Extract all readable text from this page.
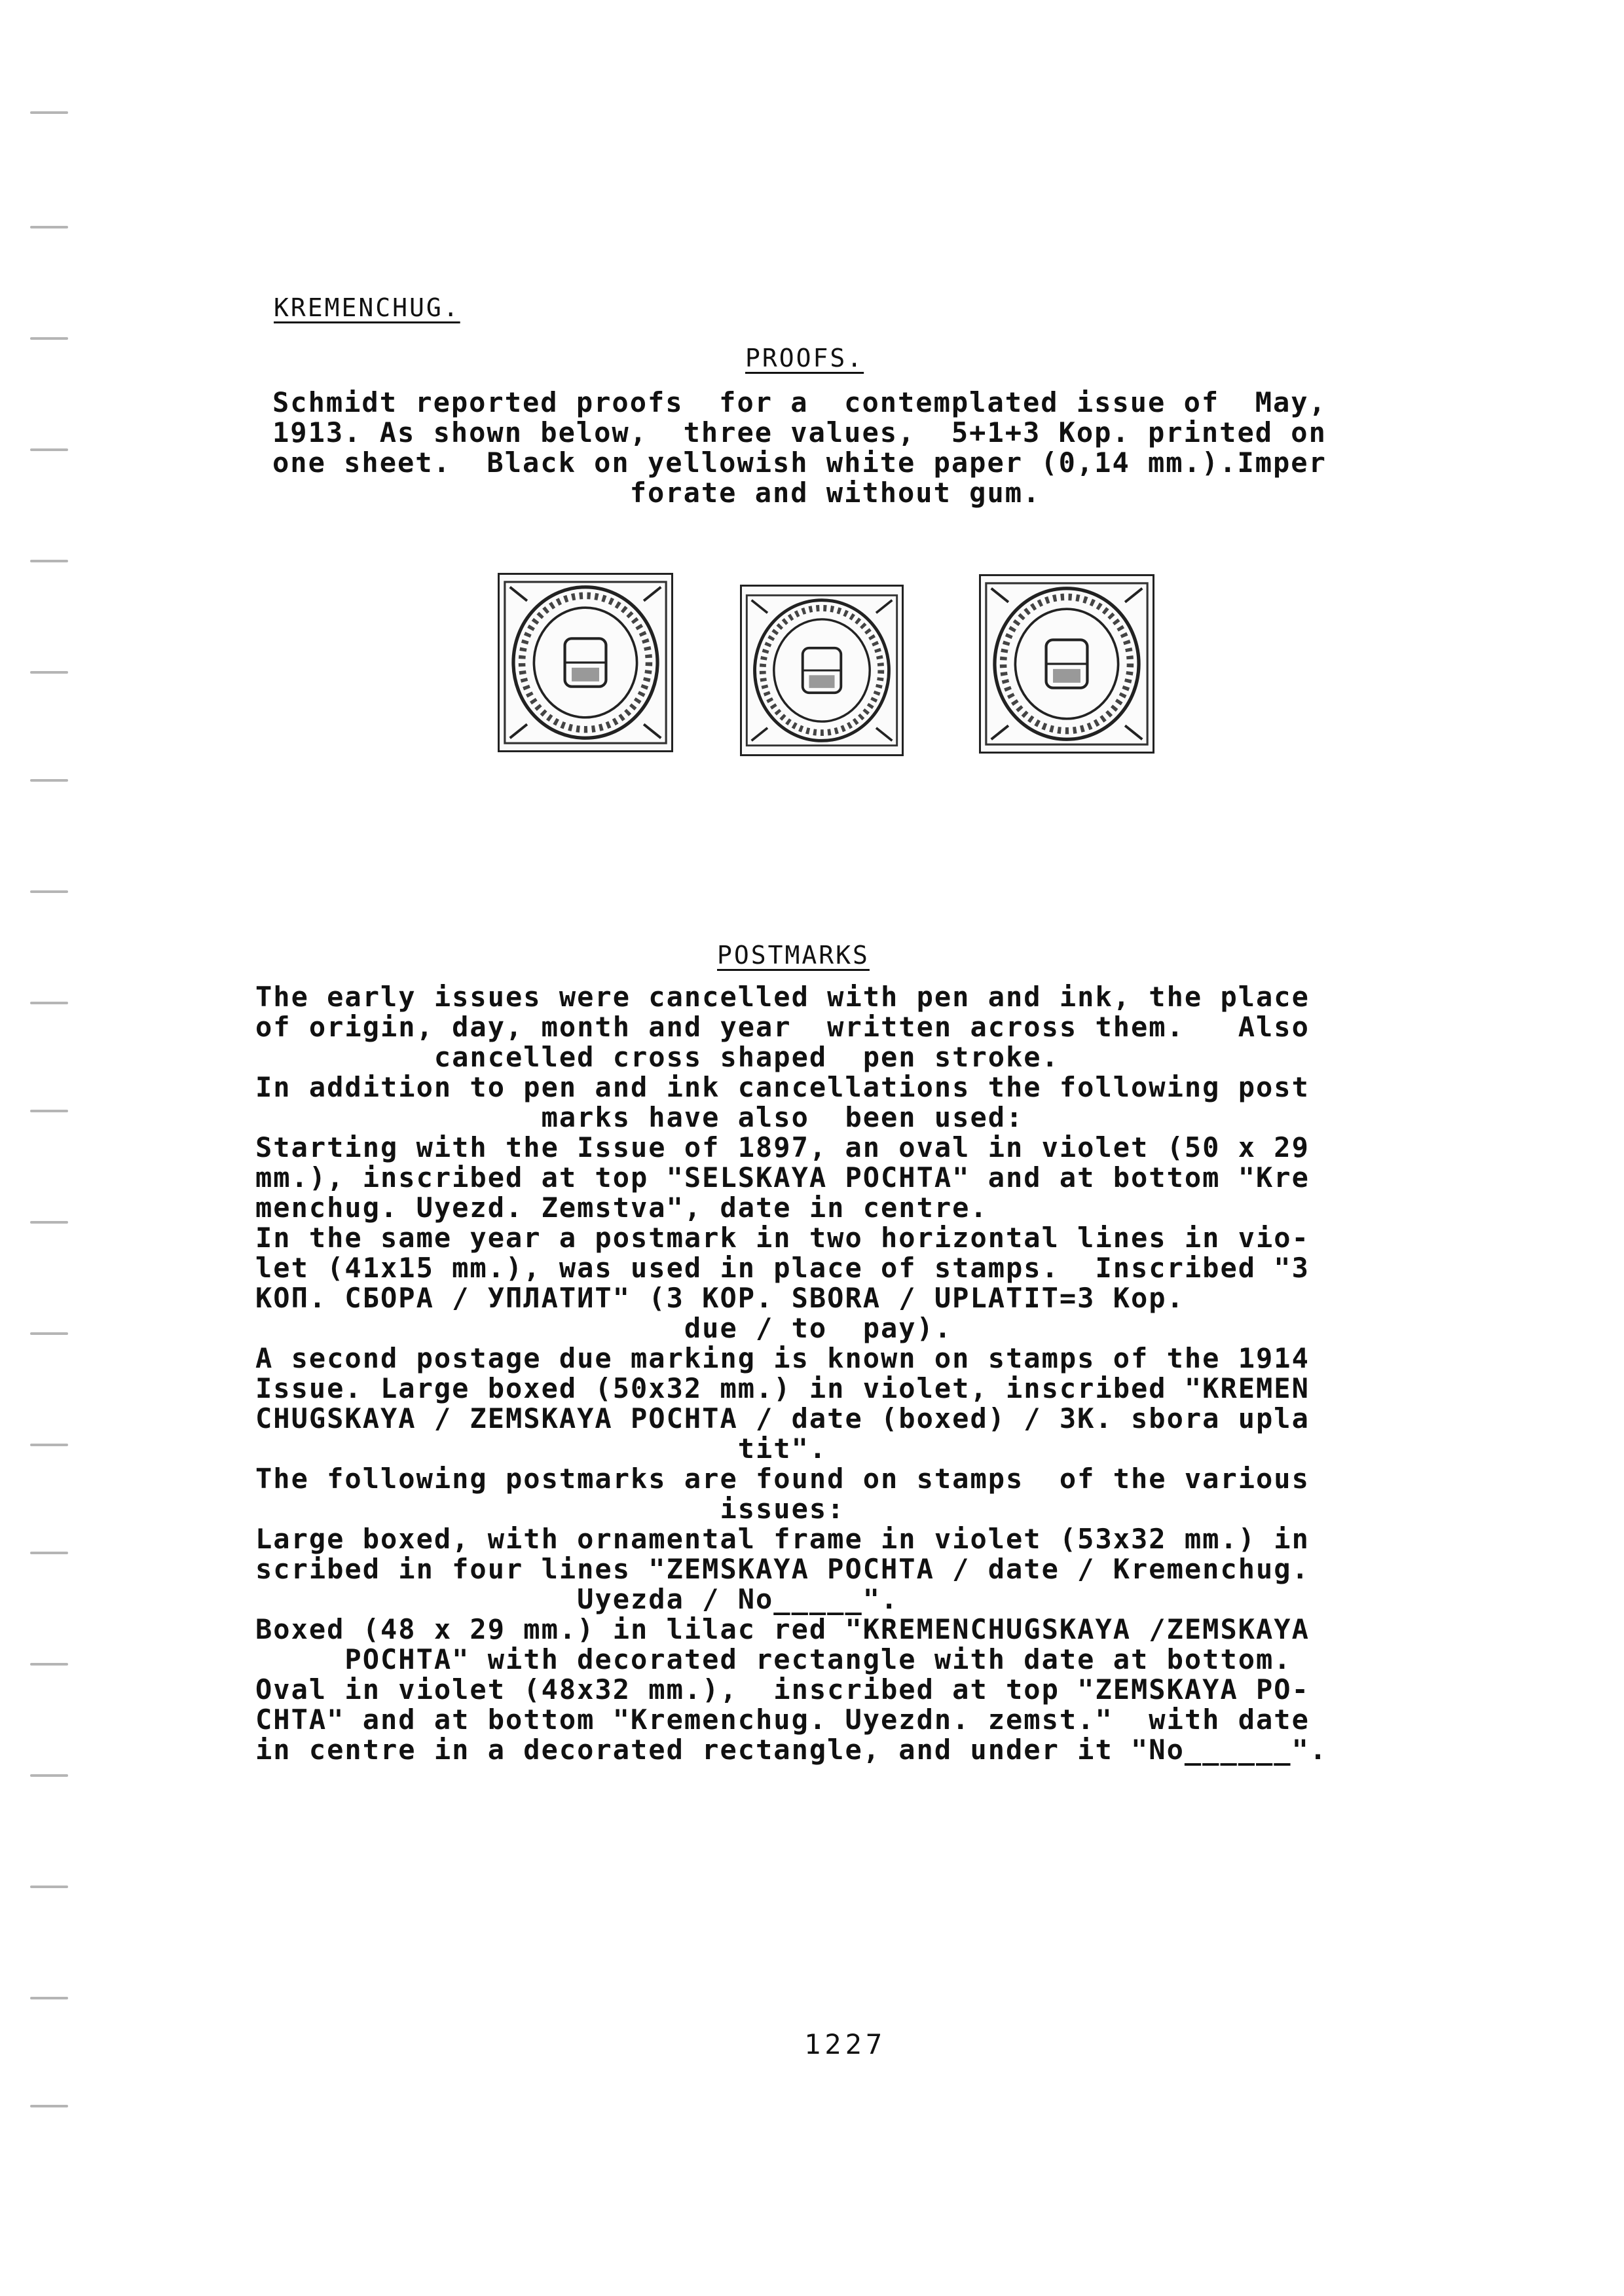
KREMENCHUG.
PROOFS.

Schmidt reported proofs  for a  contemplated issue of  May,
1913. As shown below,  three values,  5+1+3 Kop. printed on
one sheet.  Black on yellowish white paper (0,14 mm.).Imper
forate and without gum.

POSTMARKS

The early issues were cancelled with pen and ink, the place
of origin, day, month and year  written across them.   Also
cancelled cross shaped  pen stroke.
In addition to pen and ink cancellations the following post
marks have also  been used:
Starting with the Issue of 1897, an oval in violet (50 x 29
mm.), inscribed at top "SELSKAYA POCHTA" and at bottom "Kre
menchug. Uyezd. Zemstva", date in centre.
In the same year a postmark in two horizontal lines in vio-
let (41x15 mm.), was used in place of stamps.  Inscribed "3
КОП. СБОРА / УПЛАТИТ" (3 KOP. SBORA / UPLATIT=3 Kop.
due / to  pay).
A second postage due marking is known on stamps of the 1914
Issue. Large boxed (50x32 mm.) in violet, inscribed "KREMEN
CHUGSKAYA / ZEMSKAYA POCHTA / date (boxed) / 3K. sbora upla
tit".
The following postmarks are found on stamps  of the various
issues:
Large boxed, with ornamental frame in violet (53x32 mm.) in
scribed in four lines "ZEMSKAYA POCHTA / date / Kremenchug.
Uyezda / No_____".
Boxed (48 x 29 mm.) in lilac red "KREMENCHUGSKAYA /ZEMSKAYA
POCHTA" with decorated rectangle with date at bottom.
Oval in violet (48x32 mm.),  inscribed at top "ZEMSKAYA PO-
CHTA" and at bottom "Kremenchug. Uyezdn. zemst."  with date
in centre in a decorated rectangle, and under it "No______".

1227
